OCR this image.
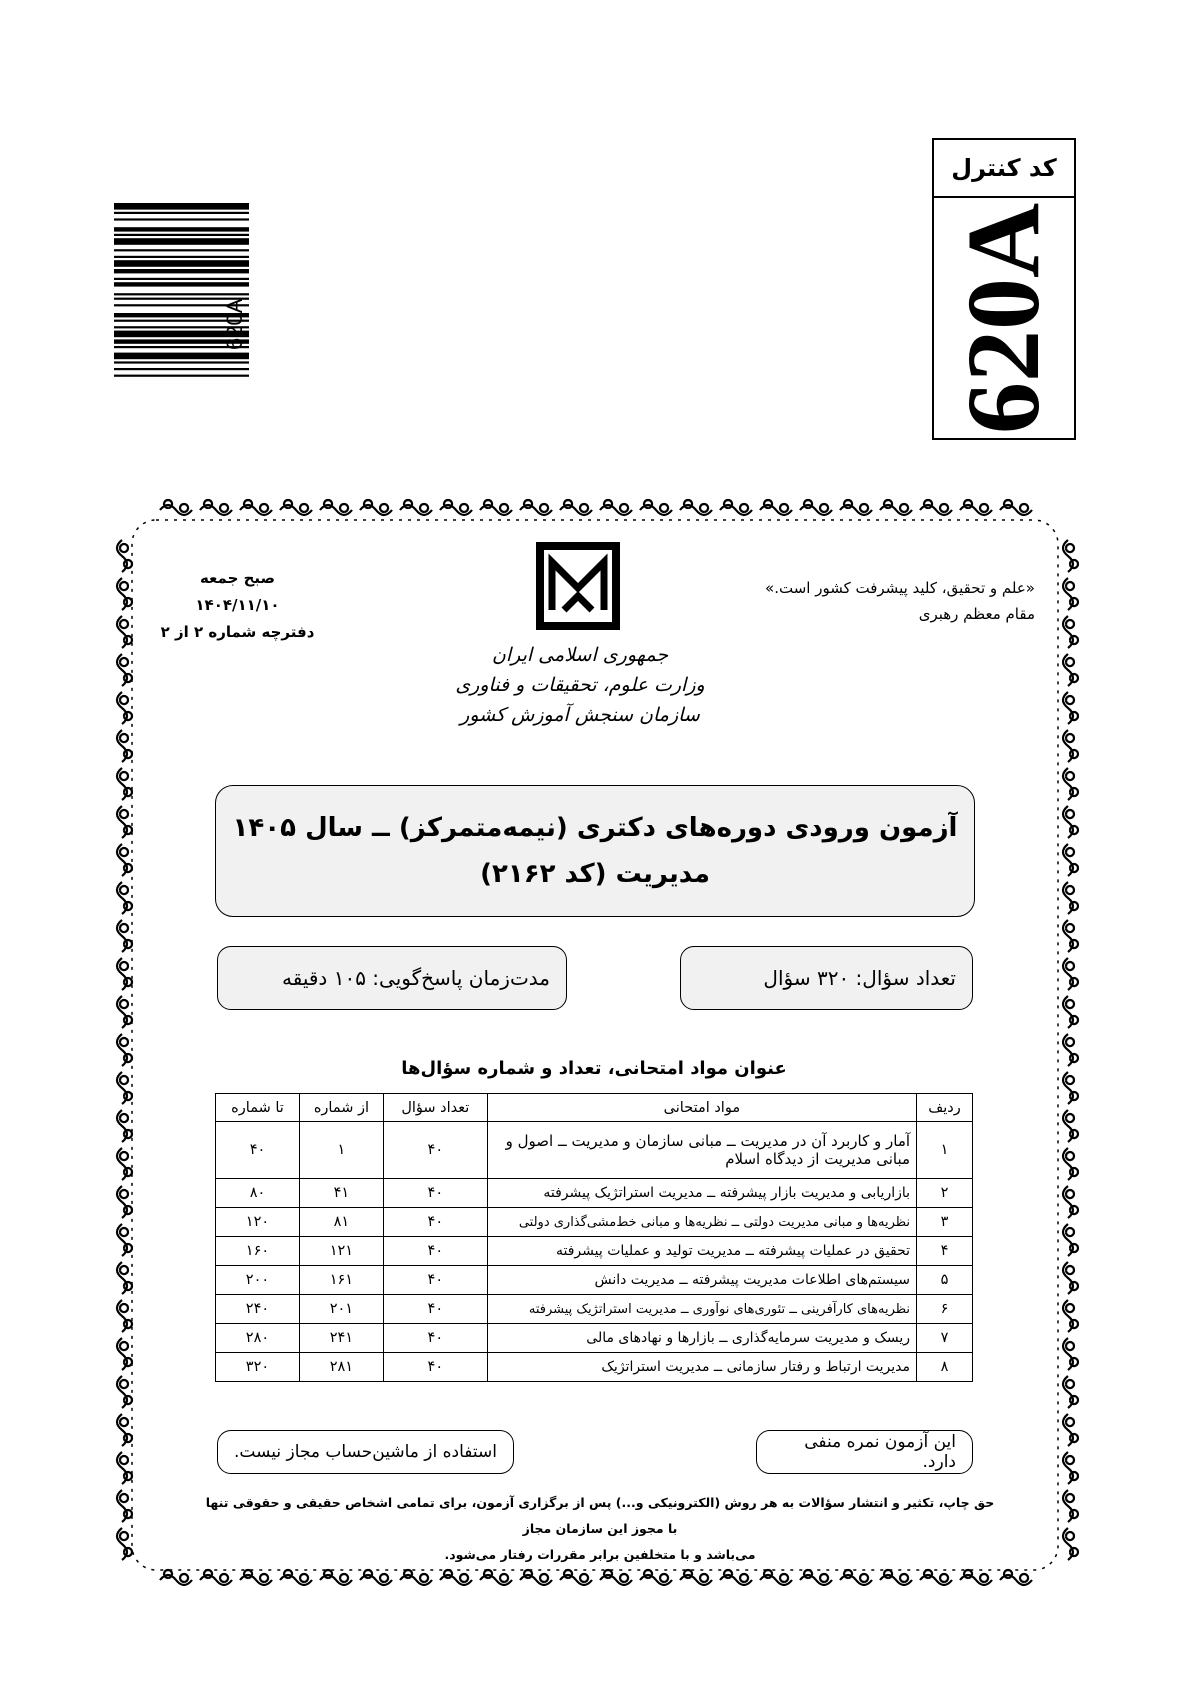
کد کنترل
620A
620A
صبح جمعه
۱۴۰۴/۱۱/۱۰
دفترچه شماره ۲ از ۲
«علم و تحقیق، کلید پیشرفت کشور است.»
مقام معظم رهبری
جمهوری اسلامی ایران
وزارت علوم، تحقیقات و فناوری
سازمان سنجش آموزش کشور
آزمون ورودی دوره‌های دکتری (نیمه‌متمرکز) ــ سال ۱۴۰۵
مدیریت (کد ۲۱۶۲)
تعداد سؤال: ۳۲۰ سؤال
مدت‌زمان پاسخ‌گویی: ۱۰۵ دقیقه
عنوان مواد امتحانی، تعداد و شماره سؤال‌ها
ردیف	مواد امتحانی	تعداد سؤال	از شماره	تا شماره
۱	آمار و کاربرد آن در مدیریت ــ مبانی سازمان و مدیریت ــ اصول و مبانی مدیریت از دیدگاه اسلام	۴۰	۱	۴۰
۲	بازاریابی و مدیریت بازار پیشرفته ــ مدیریت استراتژیک پیشرفته	۴۰	۴۱	۸۰
۳	نظریه‌ها و مبانی مدیریت دولتی ــ نظریه‌ها و مبانی خط‌مشی‌گذاری دولتی	۴۰	۸۱	۱۲۰
۴	تحقیق در عملیات پیشرفته ــ مدیریت تولید و عملیات پیشرفته	۴۰	۱۲۱	۱۶۰
۵	سیستم‌های اطلاعات مدیریت پیشرفته ــ مدیریت دانش	۴۰	۱۶۱	۲۰۰
۶	نظریه‌های کارآفرینی ــ تئوری‌های نوآوری ــ مدیریت استراتژیک پیشرفته	۴۰	۲۰۱	۲۴۰
۷	ریسک و مدیریت سرمایه‌گذاری ــ بازارها و نهادهای مالی	۴۰	۲۴۱	۲۸۰
۸	مدیریت ارتباط و رفتار سازمانی ــ مدیریت استراتژیک	۴۰	۲۸۱	۳۲۰
این آزمون نمره منفی دارد.
استفاده از ماشین‌حساب مجاز نیست.
حق چاپ، تکثیر و انتشار سؤالات به هر روش (الکترونیکی و...) پس از برگزاری آزمون، برای تمامی اشخاص حقیقی و حقوقی تنها با مجوز این سازمان مجاز
می‌باشد و با متخلفین برابر مقررات رفتار می‌شود.
